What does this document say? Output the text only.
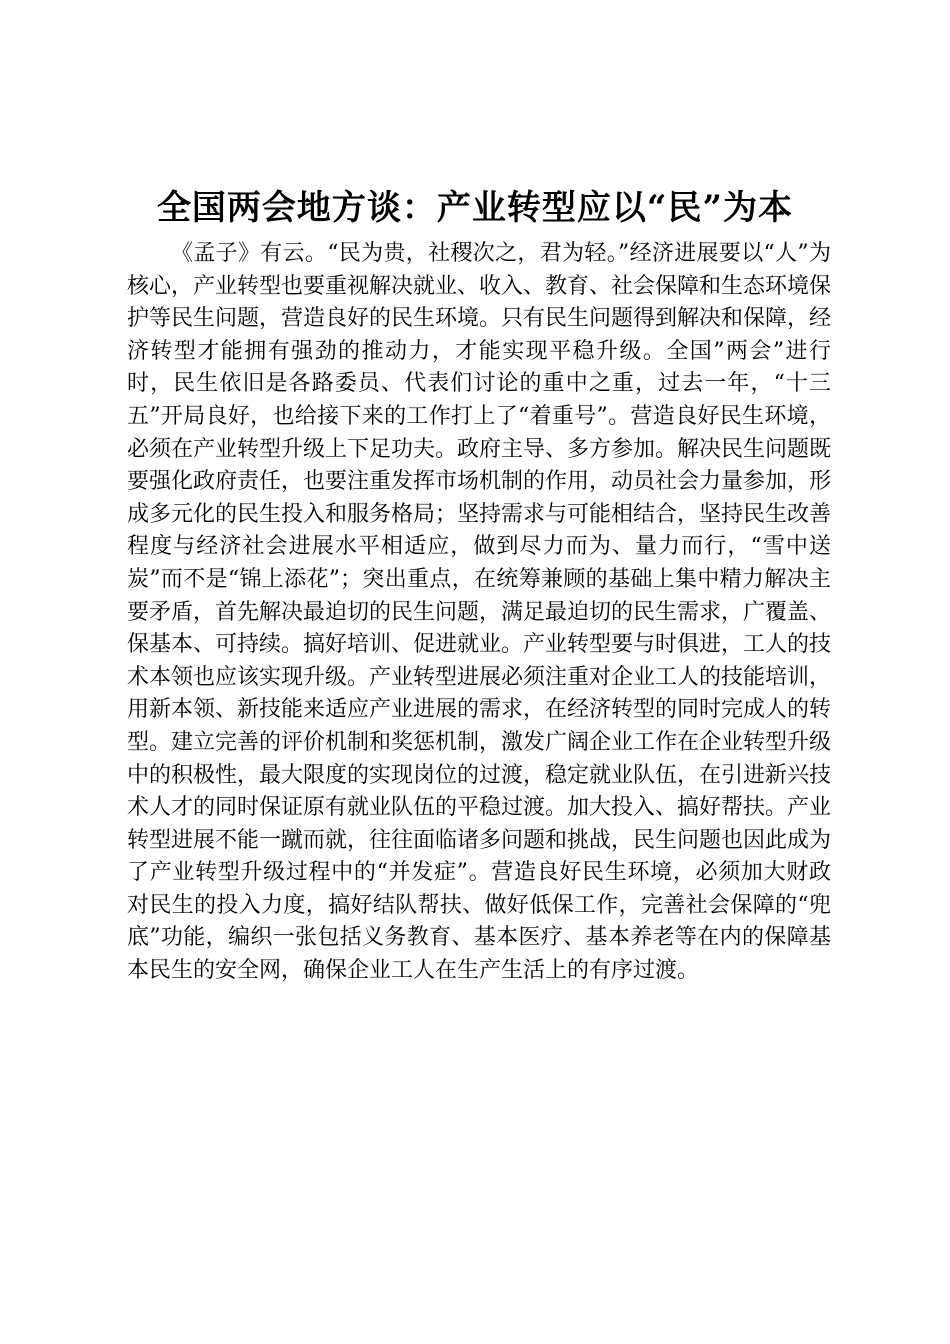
全国两会地方谈：产业转型应以“民”为本

《孟子》有云。“民为贵，社稷次之，君为轻。”经济进展要以“人”为核心，产业转型也要重视解决就业、收入、教育、社会保障和生态环境保护等民生问题，营造良好的民生环境。只有民生问题得到解决和保障，经济转型才能拥有强劲的推动力，才能实现平稳升级。全国”两会”进行时，民生依旧是各路委员、代表们讨论的重中之重，过去一年，“十三五”开局良好，也给接下来的工作打上了“着重号”。营造良好民生环境，必须在产业转型升级上下足功夫。政府主导、多方参加。解决民生问题既要强化政府责任，也要注重发挥市场机制的作用，动员社会力量参加，形成多元化的民生投入和服务格局；坚持需求与可能相结合，坚持民生改善程度与经济社会进展水平相适应，做到尽力而为、量力而行，“雪中送炭”而不是“锦上添花”；突出重点，在统筹兼顾的基础上集中精力解决主要矛盾，首先解决最迫切的民生问题，满足最迫切的民生需求，广覆盖、保基本、可持续。搞好培训、促进就业。产业转型要与时俱进，工人的技术本领也应该实现升级。产业转型进展必须注重对企业工人的技能培训，用新本领、新技能来适应产业进展的需求，在经济转型的同时完成人的转型。建立完善的评价机制和奖惩机制，激发广阔企业工作在企业转型升级中的积极性，最大限度的实现岗位的过渡，稳定就业队伍，在引进新兴技术人才的同时保证原有就业队伍的平稳过渡。加大投入、搞好帮扶。产业转型进展不能一蹴而就，往往面临诸多问题和挑战，民生问题也因此成为了产业转型升级过程中的“并发症”。营造良好民生环境，必须加大财政对民生的投入力度，搞好结队帮扶、做好低保工作，完善社会保障的“兜底”功能，编织一张包括义务教育、基本医疗、基本养老等在内的保障基本民生的安全网，确保企业工人在生产生活上的有序过渡。
